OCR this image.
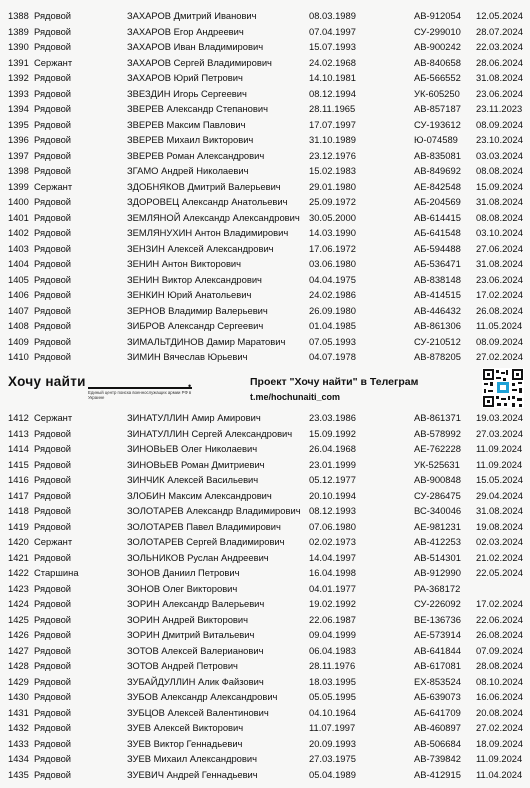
1388 Рядовой	ЗАХАРОВ Дмитрий Иванович	08.03.1989	АВ-912054 12.05.2024
1389 Рядовой	ЗАХАРОВ Егор Андреевич	07.04.1997	СУ-299010 28.07.2024
1390 Рядовой	ЗАХАРОВ Иван Владимирович	15.07.1993	АВ-900242 22.03.2024
1391 Сержант	ЗАХАРОВ Сергей Владимирович	24.02.1968	АВ-840658 28.06.2024
1392 Рядовой	ЗАХАРОВ Юрий Петрович	14.10.1981	АБ-566552 31.08.2024
1393 Рядовой	ЗВЕЗДИН Игорь Сергеевич	08.12.1994	УК-605250 23.06.2024
1394 Рядовой	ЗВЕРЕВ Александр Степанович	28.11.1965	АВ-857187 23.11.2023
1395 Рядовой	ЗВЕРЕВ Максим Павлович	17.07.1997	СУ-193612 08.09.2024
1396 Рядовой	ЗВЕРЕВ Михаил Викторович	31.10.1989	Ю-074589 23.10.2024
1397 Рядовой	ЗВЕРЕВ Роман Александрович	23.12.1976	АВ-835081 03.03.2024
1398 Рядовой	ЗГАМО Андрей Николаевич	15.02.1983	АВ-849692 08.08.2024
1399 Сержант	ЗДОБНЯКОВ Дмитрий Валерьевич	29.01.1980	АЕ-842548 15.09.2024
1400 Рядовой	ЗДОРОВЕЦ Александр Анатольевич 25.09.1972	АБ-204569 31.08.2024
1401 Рядовой	ЗЕМЛЯНОЙ Александр Александрович 30.05.2000	АВ-614415 08.08.2024
1402 Рядовой	ЗЕМЛЯНУХИН Антон Владимирович 14.03.1990	АБ-641548 03.10.2024
1403 Рядовой	ЗЕНЗИН Алексей Александрович	17.06.1972	АБ-594488 27.06.2024
1404 Рядовой	ЗЕНИН Антон Викторович	03.06.1980	АБ-536471 31.08.2024
1405 Рядовой	ЗЕНИН Виктор Александрович	04.04.1975	АВ-838148 23.06.2024
1406 Рядовой	ЗЕНКИН Юрий Анатольевич	24.02.1986	АВ-414515 17.02.2024
1407 Рядовой	ЗЕРНОВ Владимир Валерьевич	26.09.1980	АВ-446432 26.08.2024
1408 Рядовой	ЗИБРОВ Александр Сергеевич	01.04.1985	АВ-861306 11.05.2024
1409 Рядовой	ЗИМАЛЬТДИНОВ Дамир Маратович	07.05.1993	СУ-210512 08.09.2024
1410 Рядовой	ЗИМИН Вячеслав Юрьевич	04.07.1978	АВ-878205 27.02.2024
Хочу найти	•
Единый центр поиска военнослужащих армии РФ в Украине
Проект "Хочу найти" в Телеграм
t.me/hochunaiti_com
1412 Сержант	ЗИНАТУЛЛИН Амир Амирович	23.03.1986	АВ-861371 19.03.2024
1413 Рядовой	ЗИНАТУЛЛИН Сергей Александрович 15.09.1992	АВ-578992 27.03.2024
1414 Рядовой	ЗИНОВЬЕВ Олег Николаевич	26.04.1968	АЕ-762228 11.09.2024
1415 Рядовой	ЗИНОВЬЕВ Роман Дмитриевич	23.01.1999	УК-525631 11.09.2024
1416 Рядовой	ЗИНЧИК Алексей Васильевич	05.12.1977	АВ-900848 15.05.2024
1417 Рядовой	ЗЛОБИН Максим Александрович	20.10.1994	СУ-286475 29.04.2024
1418 Рядовой	ЗОЛОТАРЕВ Александр Владимирович 08.12.1993	ВС-340046 31.08.2024
1419 Рядовой	ЗОЛОТАРЕВ Павел Владимирович	07.06.1980	АЕ-981231 19.08.2024
1420 Сержант	ЗОЛОТАРЕВ Сергей Владимирович	02.02.1973	АВ-412253 02.03.2024
1421 Рядовой	ЗОЛЬНИКОВ Руслан Андреевич	14.04.1997	АВ-514301 21.02.2024
1422 Старшина	ЗОНОВ Даниил Петрович	16.04.1998	АВ-912990 22.05.2024
1423 Рядовой	ЗОНОВ Олег Викторович	04.01.1977	РА-368172
1424 Рядовой	ЗОРИН Александр Валерьевич	19.02.1992	СУ-226092 17.02.2024
1425 Рядовой	ЗОРИН Андрей Викторович	22.06.1987	ВЕ-136736 22.06.2024
1426 Рядовой	ЗОРИН Дмитрий Витальевич	09.04.1999	АЕ-573914 26.08.2024
1427 Рядовой	ЗОТОВ Алексей Валерианович	06.04.1983	АВ-641844 07.09.2024
1428 Рядовой	ЗОТОВ Андрей Петрович	28.11.1976	АВ-617081 28.08.2024
1429 Рядовой	ЗУБАЙДУЛЛИН Алик Файзович	18.03.1995	ЕХ-853524 08.10.2024
1430 Рядовой	ЗУБОВ Александр Александрович	05.05.1995	АБ-639073 16.06.2024
1431 Рядовой	ЗУБЦОВ Алексей Валентинович	04.10.1964	АБ-641709 20.08.2024
1432 Рядовой	ЗУЕВ Алексей Викторович	11.07.1997	АВ-460897 27.02.2024
1433 Рядовой	ЗУЕВ Виктор Геннадьевич	20.09.1993	АВ-506684 18.09.2024
1434 Рядовой	ЗУЕВ Михаил Александрович	27.03.1975	АВ-739842 11.09.2024
1435 Рядовой	ЗУЕВИЧ Андрей Геннадьевич	05.04.1989	АВ-412915 11.04.2024
